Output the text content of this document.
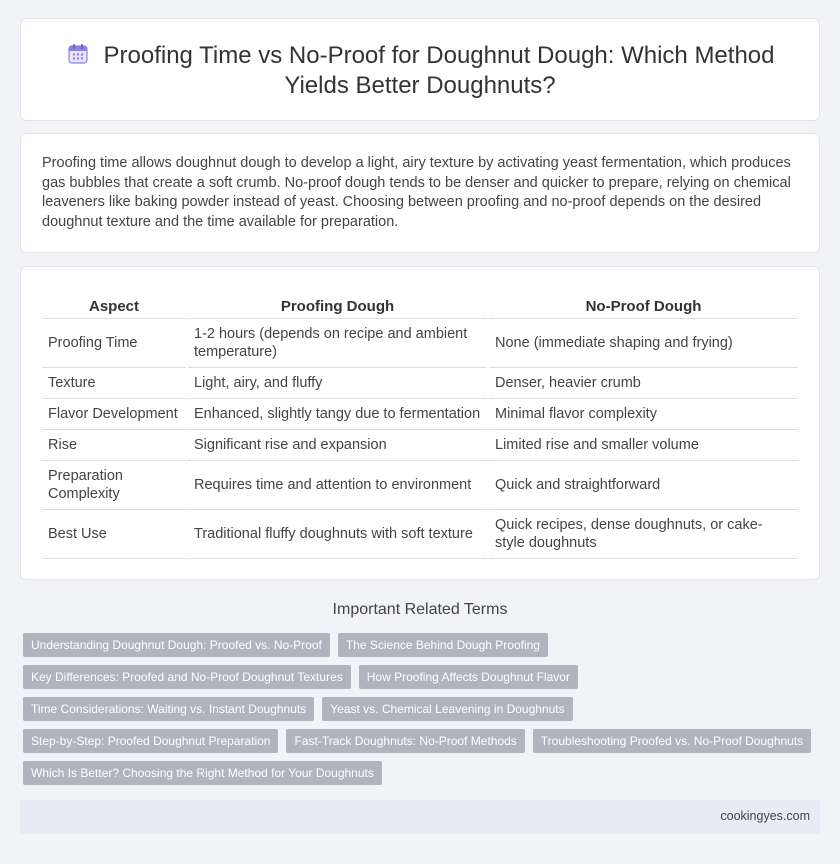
Proofing Time vs No-Proof for Doughnut Dough: Which Method
Yields Better Doughnuts?

Proofing time allows doughnut dough to develop a light, airy texture by activating yeast fermentation, which produces gas bubbles that create a soft crumb. No-proof dough tends to be denser and quicker to prepare, relying on chemical leaveners like baking powder instead of yeast. Choosing between proofing and no-proof depends on the desired doughnut texture and the time available for preparation.

Aspect	Proofing Dough	No-Proof Dough
Proofing Time	1-2 hours (depends on recipe and ambient temperature)	None (immediate shaping and frying)
Texture	Light, airy, and fluffy	Denser, heavier crumb
Flavor Development	Enhanced, slightly tangy due to fermentation	Minimal flavor complexity
Rise	Significant rise and expansion	Limited rise and smaller volume
Preparation Complexity	Requires time and attention to environment	Quick and straightforward
Best Use	Traditional fluffy doughnuts with soft texture	Quick recipes, dense doughnuts, or cake-style doughnuts
Important Related Terms
Understanding Doughnut Dough: Proofed vs. No-Proof	The Science Behind Dough Proofing
Key Differences: Proofed and No-Proof Doughnut Textures	How Proofing Affects Doughnut Flavor
Time Considerations: Waiting vs. Instant Doughnuts	Yeast vs. Chemical Leavening in Doughnuts
Step-by-Step: Proofed Doughnut Preparation	Fast-Track Doughnuts: No-Proof Methods	Troubleshooting Proofed vs. No-Proof Doughnuts
Which Is Better? Choosing the Right Method for Your Doughnuts
cookingyes.com
